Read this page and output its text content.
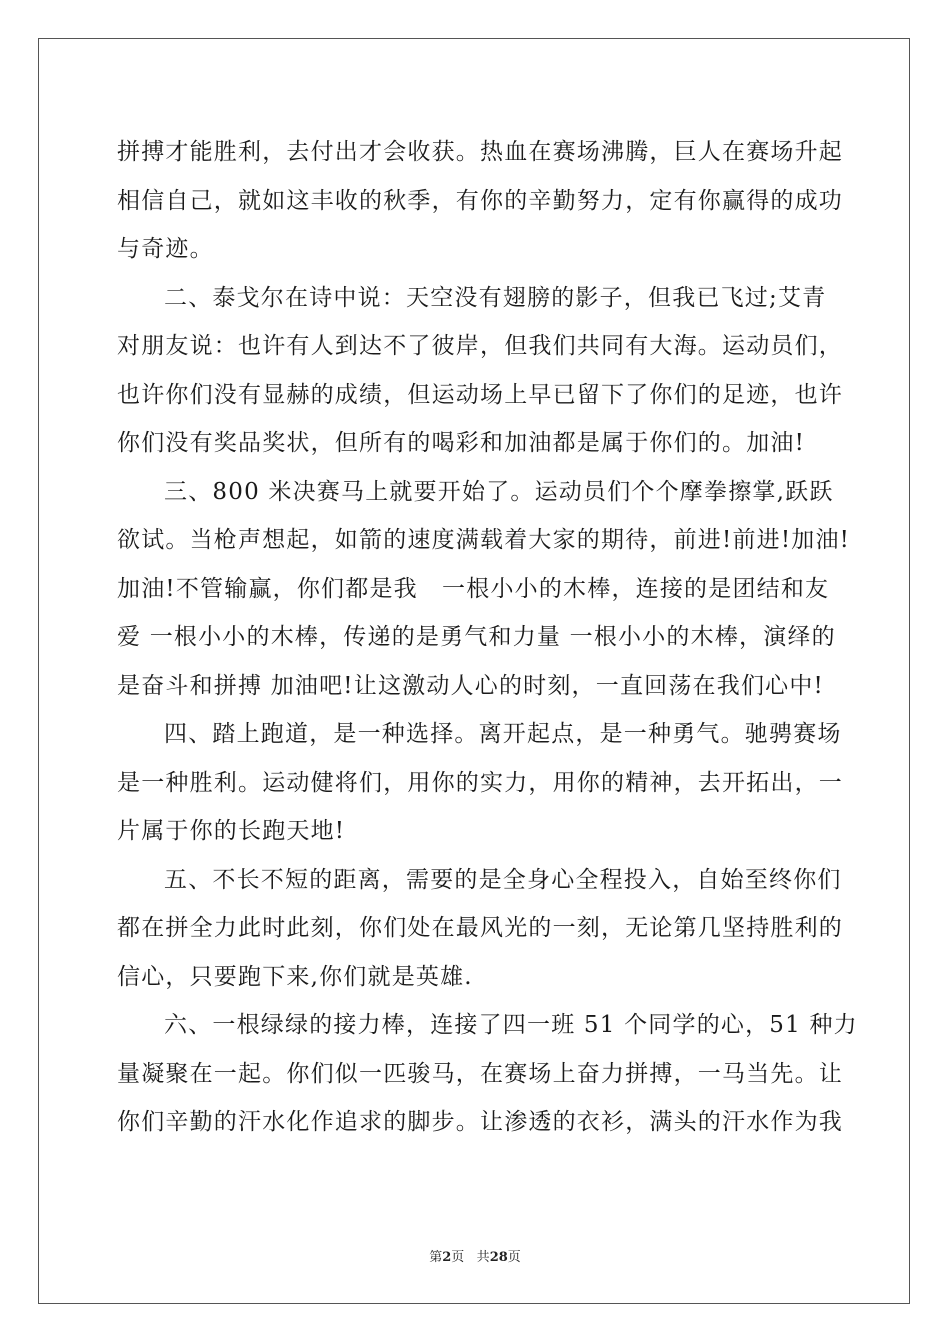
拼搏才能胜利，去付出才会收获。热血在赛场沸腾，巨人在赛场升起
相信自己，就如这丰收的秋季，有你的辛勤努力，定有你赢得的成功
与奇迹。
二、泰戈尔在诗中说：天空没有翅膀的影子，但我已飞过;艾青
对朋友说：也许有人到达不了彼岸，但我们共同有大海。运动员们，
也许你们没有显赫的成绩，但运动场上早已留下了你们的足迹，也许
你们没有奖品奖状，但所有的喝彩和加油都是属于你们的。加油!
三、800 米决赛马上就要开始了。运动员们个个摩拳擦掌,跃跃
欲试。当枪声想起，如箭的速度满载着大家的期待，前进!前进!加油!
加油!不管输赢，你们都是我　一根小小的木棒，连接的是团结和友
爱 一根小小的木棒，传递的是勇气和力量 一根小小的木棒，演绎的
是奋斗和拼搏 加油吧!让这激动人心的时刻，一直回荡在我们心中!
四、踏上跑道，是一种选择。离开起点，是一种勇气。驰骋赛场
是一种胜利。运动健将们，用你的实力，用你的精神，去开拓出，一
片属于你的长跑天地!
五、不长不短的距离，需要的是全身心全程投入，自始至终你们
都在拼全力此时此刻，你们处在最风光的一刻，无论第几坚持胜利的
信心，只要跑下来,你们就是英雄.
六、一根绿绿的接力棒，连接了四一班 51 个同学的心，51 种力
量凝聚在一起。你们似一匹骏马，在赛场上奋力拼搏，一马当先。让
你们辛勤的汗水化作追求的脚步。让渗透的衣衫，满头的汗水作为我
第2页 共28页
